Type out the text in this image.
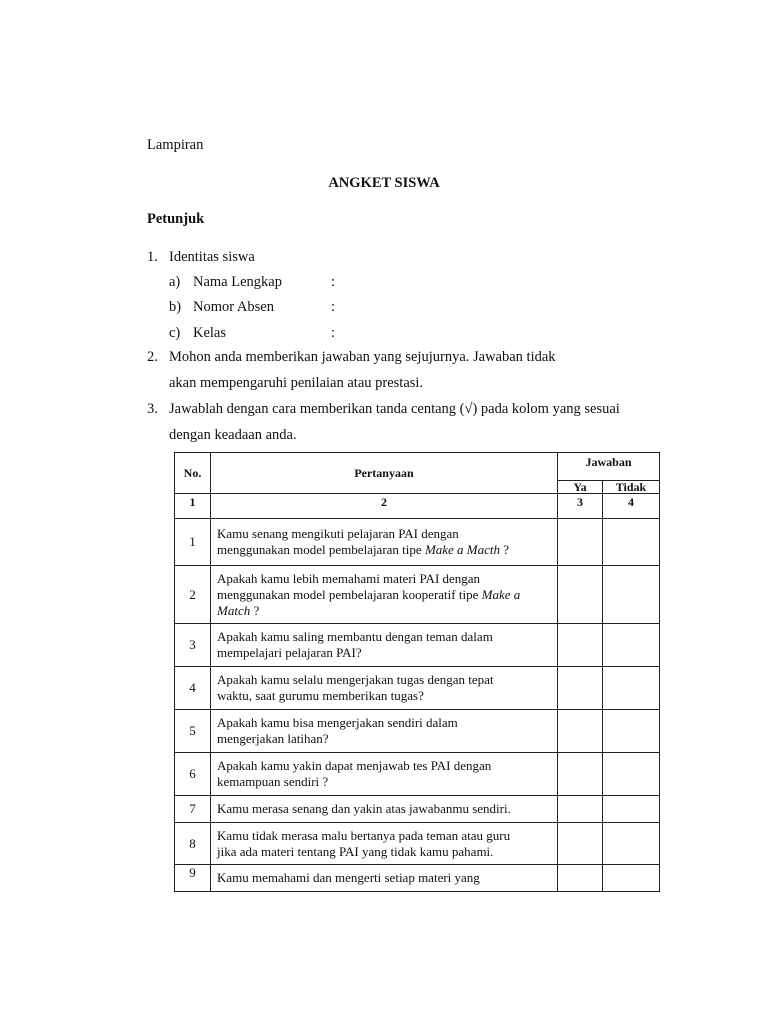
Lampiran
ANGKET SISWA
Petunjuk
1. Identitas siswa
a) Nama Lengkap	:
b) Nomor Absen	:
c) Kelas	:
2. Mohon anda memberikan jawaban yang sejujurnya. Jawaban tidak
akan mempengaruhi penilaian atau prestasi.
3. Jawablah dengan cara memberikan tanda centang (√) pada kolom yang sesuai
dengan keadaan anda.
No.	Pertanyaan	Jawaban	
		Ya	Tidak
1	2	3	4
1	Kamu senang mengikuti pelajaran PAI dengan
menggunakan model pembelajaran tipe Make a Macth ?		

2	Apakah kamu lebih memahami materi PAI dengan
menggunakan model pembelajaran kooperatif tipe Make a
Match ?		

3	Apakah kamu saling membantu dengan teman dalam
mempelajari pelajaran PAI?		

4	Apakah kamu selalu mengerjakan tugas dengan tepat
waktu, saat gurumu memberikan tugas?		

5	Apakah kamu bisa mengerjakan sendiri dalam
mengerjakan latihan?		

6	Apakah kamu yakin dapat menjawab tes PAI dengan
kemampuan sendiri ?		

7	Kamu merasa senang dan yakin atas jawabanmu sendiri.		

8	Kamu tidak merasa malu bertanya pada teman atau guru
jika ada materi tentang PAI yang tidak kamu pahami.		

9	Kamu memahami dan mengerti setiap materi yang		
